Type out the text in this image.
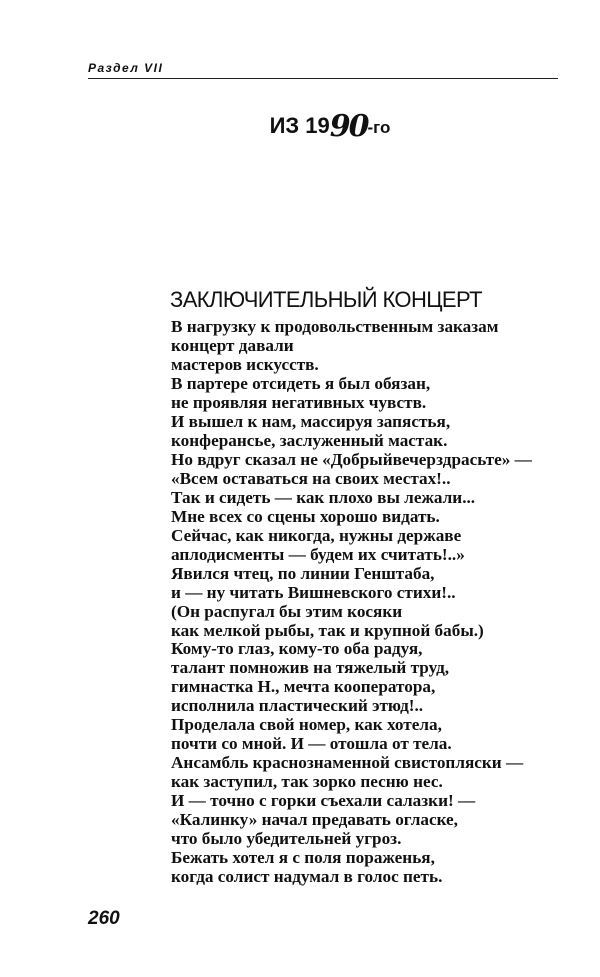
Раздел VII
ИЗ 1990-го
ЗАКЛЮЧИТЕЛЬНЫЙ КОНЦЕРТ
В нагрузку к продовольственным заказам
концерт давали
мастеров искусств.
В партере отсидеть я был обязан,
не проявляя негативных чувств.
И вышел к нам, массируя запястья,
конферансье, заслуженный мастак.
Но вдруг сказал не «Добрыйвечерздрасьте» —
«Всем оставаться на своих местах!..
Так и сидеть — как плохо вы лежали...
Мне всех со сцены хорошо видать.
Сейчас, как никогда, нужны державе
аплодисменты — будем их считать!..»
Явился чтец, по линии Генштаба,
и — ну читать Вишневского стихи!..
(Он распугал бы этим косяки
как мелкой рыбы, так и крупной бабы.)
Кому-то глаз, кому-то оба радуя,
талант помножив на тяжелый труд,
гимнастка Н., мечта кооператора,
исполнила пластический этюд!..
Проделала свой номер, как хотела,
почти со мной. И — отошла от тела.
Ансамбль краснознаменной свистопляски —
как заступил, так зорко песню нес.
И — точно с горки съехали салазки! —
«Калинку» начал предавать огласке,
что было убедительней угроз.
Бежать хотел я с поля пораженья,
когда солист надумал в голос петь.
260
